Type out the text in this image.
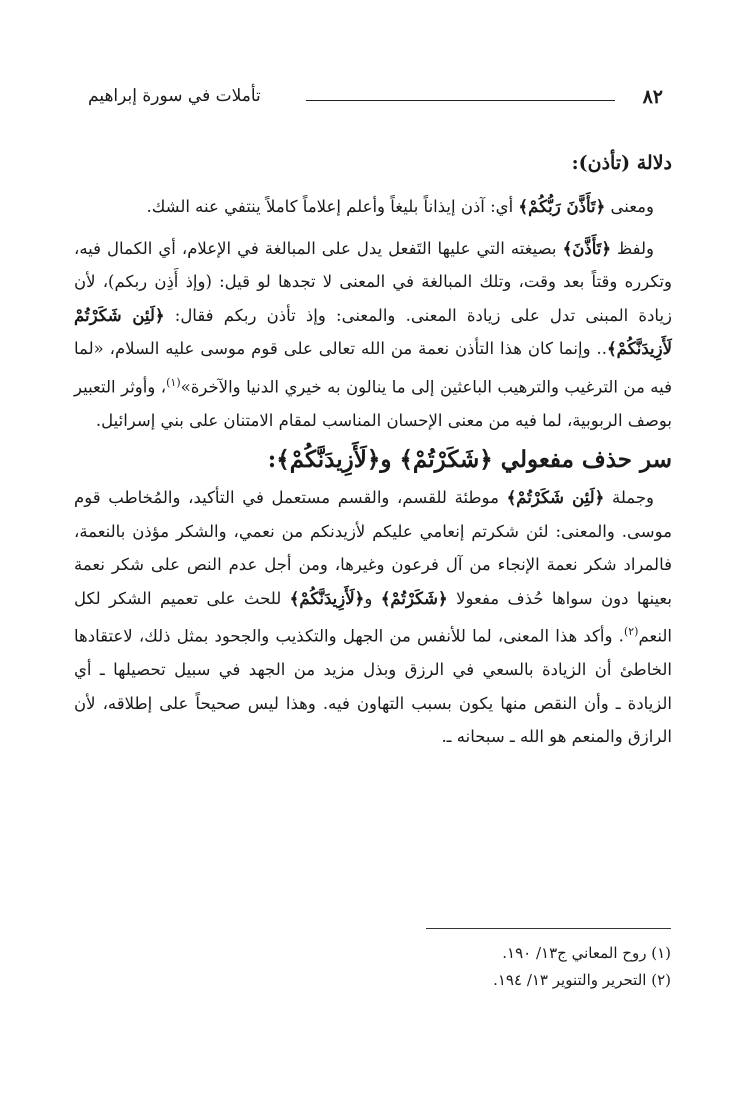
٨٢
تأملات في سورة إبراهيم
دلالة (تأذن):

ومعنى ﴿تَأَذَّنَ رَبُّكُمْ﴾ أي: آذن إيذاناً بليغاً وأعلم إعلاماً كاملاً ينتفي عنه الشك.

ولفظ ﴿تَأَذَّنَ﴾ بصيغته التي عليها التَفعل يدل على المبالغة في الإعلام، أي الكمال فيه، وتكرره وقتاً بعد وقت، وتلك المبالغة في المعنى لا تجدها لو قيل: (وإذ أَذِن ربكم)، لأن زيادة المبنى تدل على زيادة المعنى. والمعنى: وإذ تأذن ربكم فقال: ﴿لَئِن شَكَرْتُمْ لَأَزِيدَنَّكُمْ﴾.. وإنما كان هذا التأذن نعمة من الله تعالى على قوم موسى عليه السلام، «لما فيه من الترغيب والترهيب الباعثين إلى ما ينالون به خيري الدنيا والآخرة»$^{(١)}$، وأوثر التعبير بوصف الربوبية، لما فيه من معنى الإحسان المناسب لمقام الامتنان على بني إسرائيل.

سر حذف مفعولي ﴿شَكَرْتُمْ﴾ و﴿لَأَزِيدَنَّكُمْ﴾:

وجملة ﴿لَئِن شَكَرْتُمْ﴾ موطئة للقسم، والقسم مستعمل في التأكيد، والمُخاطب قوم موسى. والمعنى: لئن شكرتم إنعامي عليكم لأزيدنكم من نعمي، والشكر مؤذن بالنعمة، فالمراد شكر نعمة الإنجاء من آل فرعون وغيرها، ومن أجل عدم النص على شكر نعمة بعينها دون سواها حُذف مفعولا ﴿شَكَرْتُمْ﴾ و﴿لَأَزِيدَنَّكُمْ﴾ للحث على تعميم الشكر لكل النعم$^{(٢)}$. وأكد هذا المعنى، لما للأنفس من الجهل والتكذيب والجحود بمثل ذلك، لاعتقادها الخاطئ أن الزيادة بالسعي في الرزق وبذل مزيد من الجهد في سبيل تحصيلها ـ أي الزيادة ـ وأن النقص منها يكون بسبب التهاون فيه. وهذا ليس صحيحاً على إطلاقه، لأن الرازق والمنعم هو الله ـ سبحانه ـ.

(١) روح المعاني ج١٣/ ١٩٠.

(٢) التحرير والتنوير ١٣/ ١٩٤.
